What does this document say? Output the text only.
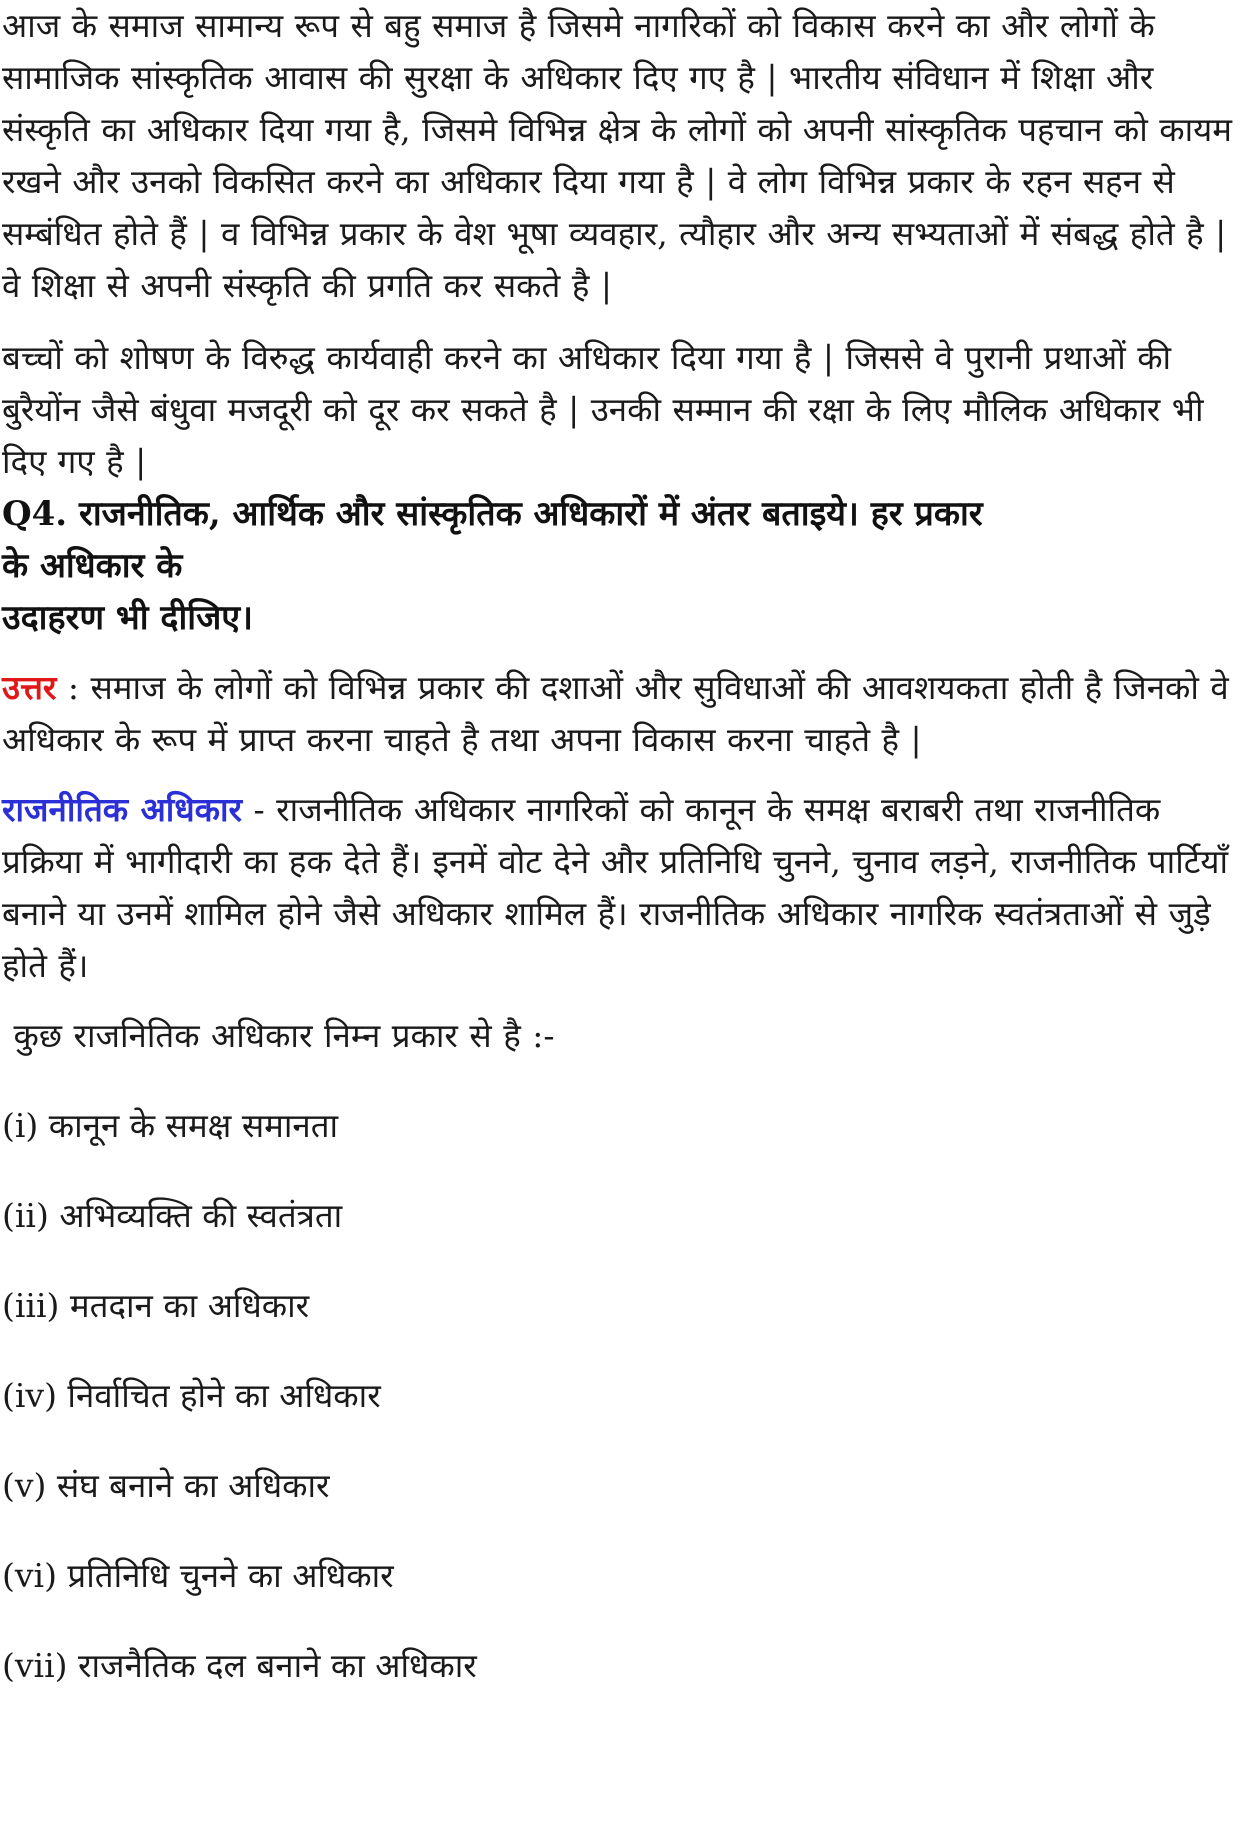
आज के समाज सामान्य रूप से बहु समाज है जिसमे नागरिकों को विकास करने का और लोगों के सामाजिक सांस्कृतिक आवास की सुरक्षा के अधिकार दिए गए है | भारतीय संविधान में शिक्षा और संस्कृति का अधिकार दिया गया है, जिसमे विभिन्न क्षेत्र के लोगों को अपनी सांस्कृतिक पहचान को कायम रखने और उनको विकसित करने का अधिकार दिया गया है | वे लोग विभिन्न प्रकार के रहन सहन से सम्बंधित होते हैं | व विभिन्न प्रकार के वेश भूषा व्यवहार, त्यौहार और अन्य सभ्यताओं में संबद्ध होते है | वे शिक्षा से अपनी संस्कृति की प्रगति कर सकते है |

बच्चों को शोषण के विरुद्ध कार्यवाही करने का अधिकार दिया गया है | जिससे वे पुरानी प्रथाओं की बुरैयोंन जैसे बंधुवा मजदूरी को दूर कर सकते है | उनकी सम्मान की रक्षा के लिए मौलिक अधिकार भी दिए गए है |

Q4. राजनीतिक, आर्थिक और सांस्कृतिक अधिकारों में अंतर बताइये। हर प्रकार
के अधिकार के
उदाहरण भी दीजिए।

उत्तर : समाज के लोगों को विभिन्न प्रकार की दशाओं और सुविधाओं की आवशयकता होती है जिनको वे अधिकार के रूप में प्राप्त करना चाहते है तथा अपना विकास करना चाहते है |

राजनीतिक अधिकार - राजनीतिक अधिकार नागरिकों को कानून के समक्ष बराबरी तथा राजनीतिक प्रक्रिया में भागीदारी का हक देते हैं। इनमें वोट देने और प्रतिनिधि चुनने, चुनाव लड़ने, राजनीतिक पार्टियाँ बनाने या उनमें शामिल होने जैसे अधिकार शामिल हैं। राजनीतिक अधिकार नागरिक स्वतंत्रताओं से जुड़े होते हैं।

कुछ राजनितिक अधिकार निम्न प्रकार से है :-

(i) कानून के समक्ष समानता

(ii) अभिव्यक्ति की स्वतंत्रता

(iii) मतदान का अधिकार

(iv) निर्वाचित होने का अधिकार

(v) संघ बनाने का अधिकार

(vi) प्रतिनिधि चुनने का अधिकार

(vii) राजनैतिक दल बनाने का अधिकार
